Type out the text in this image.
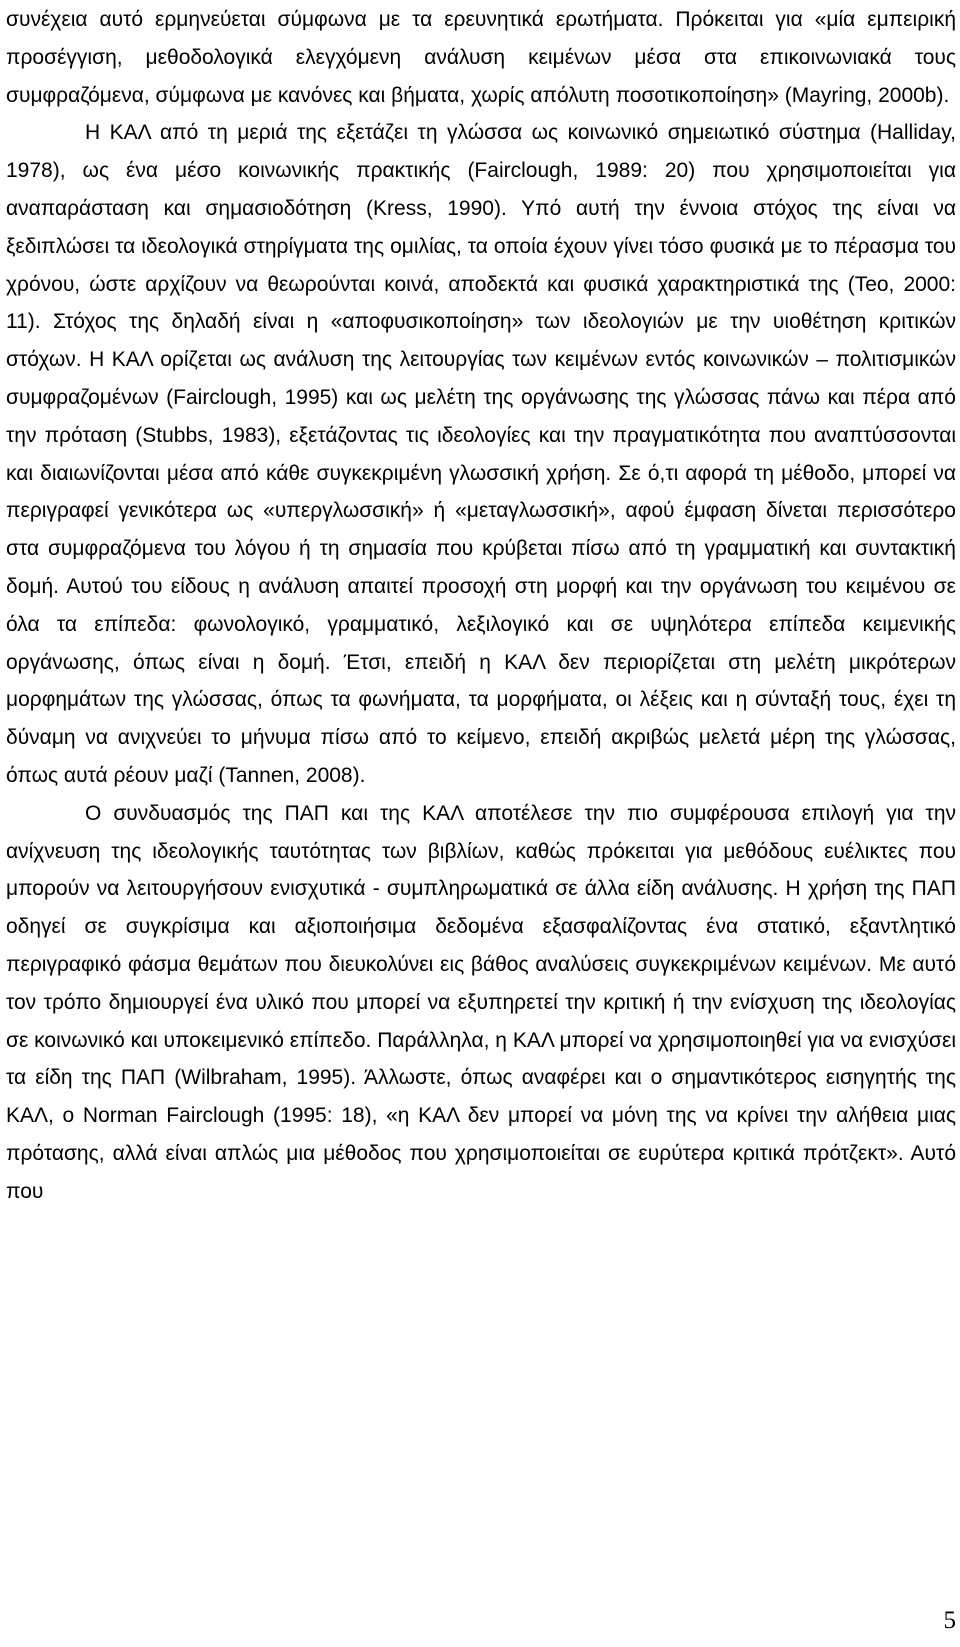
συνέχεια αυτό ερμηνεύεται σύμφωνα με τα ερευνητικά ερωτήματα. Πρόκειται για «μία εμπειρική προσέγγιση, μεθοδολογικά ελεγχόμενη ανάλυση κειμένων μέσα στα επικοινωνιακά τους συμφραζόμενα, σύμφωνα με κανόνες και βήματα, χωρίς απόλυτη ποσοτικοποίηση» (Mayring, 2000b).

Η ΚΑΛ από τη μεριά της εξετάζει τη γλώσσα ως κοινωνικό σημειωτικό σύστημα (Halliday, 1978), ως ένα μέσο κοινωνικής πρακτικής (Fairclough, 1989: 20) που χρησιμοποιείται για αναπαράσταση και σημασιοδότηση (Kress, 1990). Υπό αυτή την έννοια στόχος της είναι να ξεδιπλώσει τα ιδεολογικά στηρίγματα της ομιλίας, τα οποία έχουν γίνει τόσο φυσικά με το πέρασμα του χρόνου, ώστε αρχίζουν να θεωρούνται κοινά, αποδεκτά και φυσικά χαρακτηριστικά της (Teo, 2000: 11). Στόχος της δηλαδή είναι η «αποφυσικοποίηση» των ιδεολογιών με την υιοθέτηση κριτικών στόχων. Η ΚΑΛ ορίζεται ως ανάλυση της λειτουργίας των κειμένων εντός κοινωνικών – πολιτισμικών συμφραζομένων (Fairclough, 1995) και ως μελέτη της οργάνωσης της γλώσσας πάνω και πέρα από την πρόταση (Stubbs, 1983), εξετάζοντας τις ιδεολογίες και την πραγματικότητα που αναπτύσσονται και διαιωνίζονται μέσα από κάθε συγκεκριμένη γλωσσική χρήση. Σε ό,τι αφορά τη μέθοδο, μπορεί να περιγραφεί γενικότερα ως «υπεργλωσσική» ή «μεταγλωσσική», αφού έμφαση δίνεται περισσότερο στα συμφραζόμενα του λόγου ή τη σημασία που κρύβεται πίσω από τη γραμματική και συντακτική δομή. Αυτού του είδους η ανάλυση απαιτεί προσοχή στη μορφή και την οργάνωση του κειμένου σε όλα τα επίπεδα: φωνολογικό, γραμματικό, λεξιλογικό και σε υψηλότερα επίπεδα κειμενικής οργάνωσης, όπως είναι η δομή. Έτσι, επειδή η ΚΑΛ δεν περιορίζεται στη μελέτη μικρότερων μορφημάτων της γλώσσας, όπως τα φωνήματα, τα μορφήματα, οι λέξεις και η σύνταξή τους, έχει τη δύναμη να ανιχνεύει το μήνυμα πίσω από το κείμενο, επειδή ακριβώς μελετά μέρη της γλώσσας, όπως αυτά ρέουν μαζί (Tannen, 2008).

Ο συνδυασμός της ΠΑΠ και της ΚΑΛ αποτέλεσε την πιο συμφέρουσα επιλογή για την ανίχνευση της ιδεολογικής ταυτότητας των βιβλίων, καθώς πρόκειται για μεθόδους ευέλικτες που μπορούν να λειτουργήσουν ενισχυτικά - συμπληρωματικά σε άλλα είδη ανάλυσης. Η χρήση της ΠΑΠ οδηγεί σε συγκρίσιμα και αξιοποιήσιμα δεδομένα εξασφαλίζοντας ένα στατικό, εξαντλητικό περιγραφικό φάσμα θεμάτων που διευκολύνει εις βάθος αναλύσεις συγκεκριμένων κειμένων. Με αυτό τον τρόπο δημιουργεί ένα υλικό που μπορεί να εξυπηρετεί την κριτική ή την ενίσχυση της ιδεολογίας σε κοινωνικό και υποκειμενικό επίπεδο. Παράλληλα, η ΚΑΛ μπορεί να χρησιμοποιηθεί για να ενισχύσει τα είδη της ΠΑΠ (Wilbraham, 1995). Άλλωστε, όπως αναφέρει και ο σημαντικότερος εισηγητής της ΚΑΛ, ο Norman Fairclough (1995: 18), «η ΚΑΛ δεν μπορεί να μόνη της να κρίνει την αλήθεια μιας πρότασης, αλλά είναι απλώς μια μέθοδος που χρησιμοποιείται σε ευρύτερα κριτικά πρότζεκτ». Αυτό που

5
